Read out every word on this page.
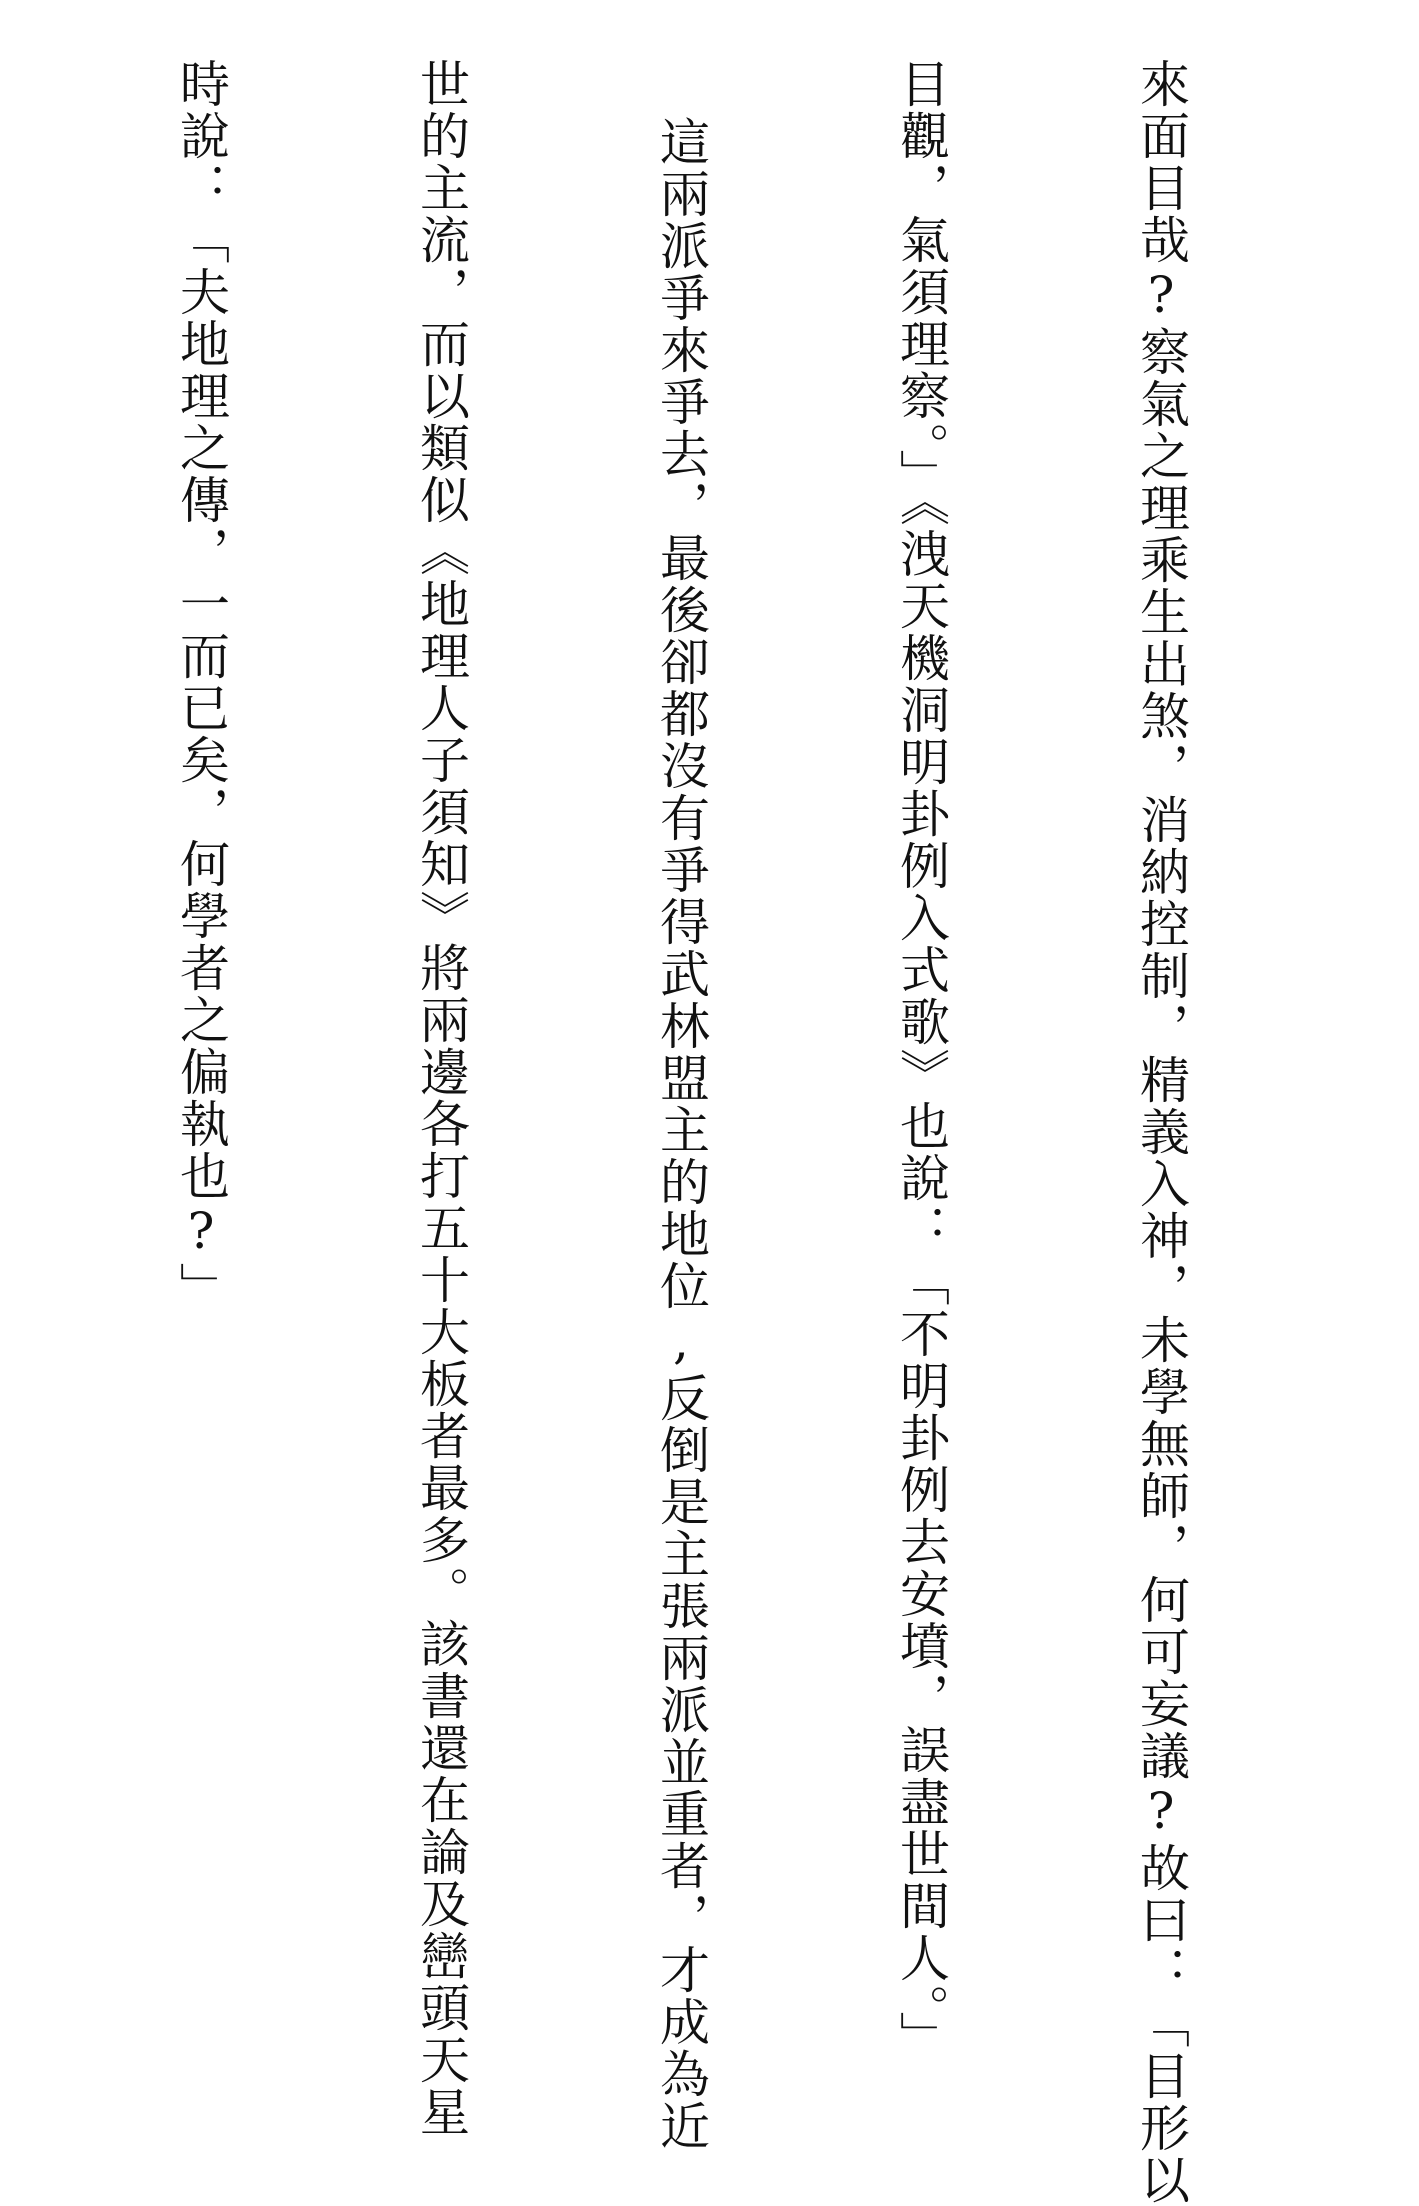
來面目哉?察氣之理乘生出煞，消納控制，精義入神，未學無師，何可妄議?故曰：「目形以

目觀，氣須理察。」《洩天機洞明卦例入式歌》也說：「不明卦例去安墳，誤盡世間人。」

這兩派爭來爭去，最後卻都沒有爭得武林盟主的地位,反倒是主張兩派並重者，才成為近

世的主流，而以類似《地理人子須知》將兩邊各打五十大板者最多。該書還在論及巒頭天星

時說：「夫地理之傳，一而已矣，何學者之偏執也?」
